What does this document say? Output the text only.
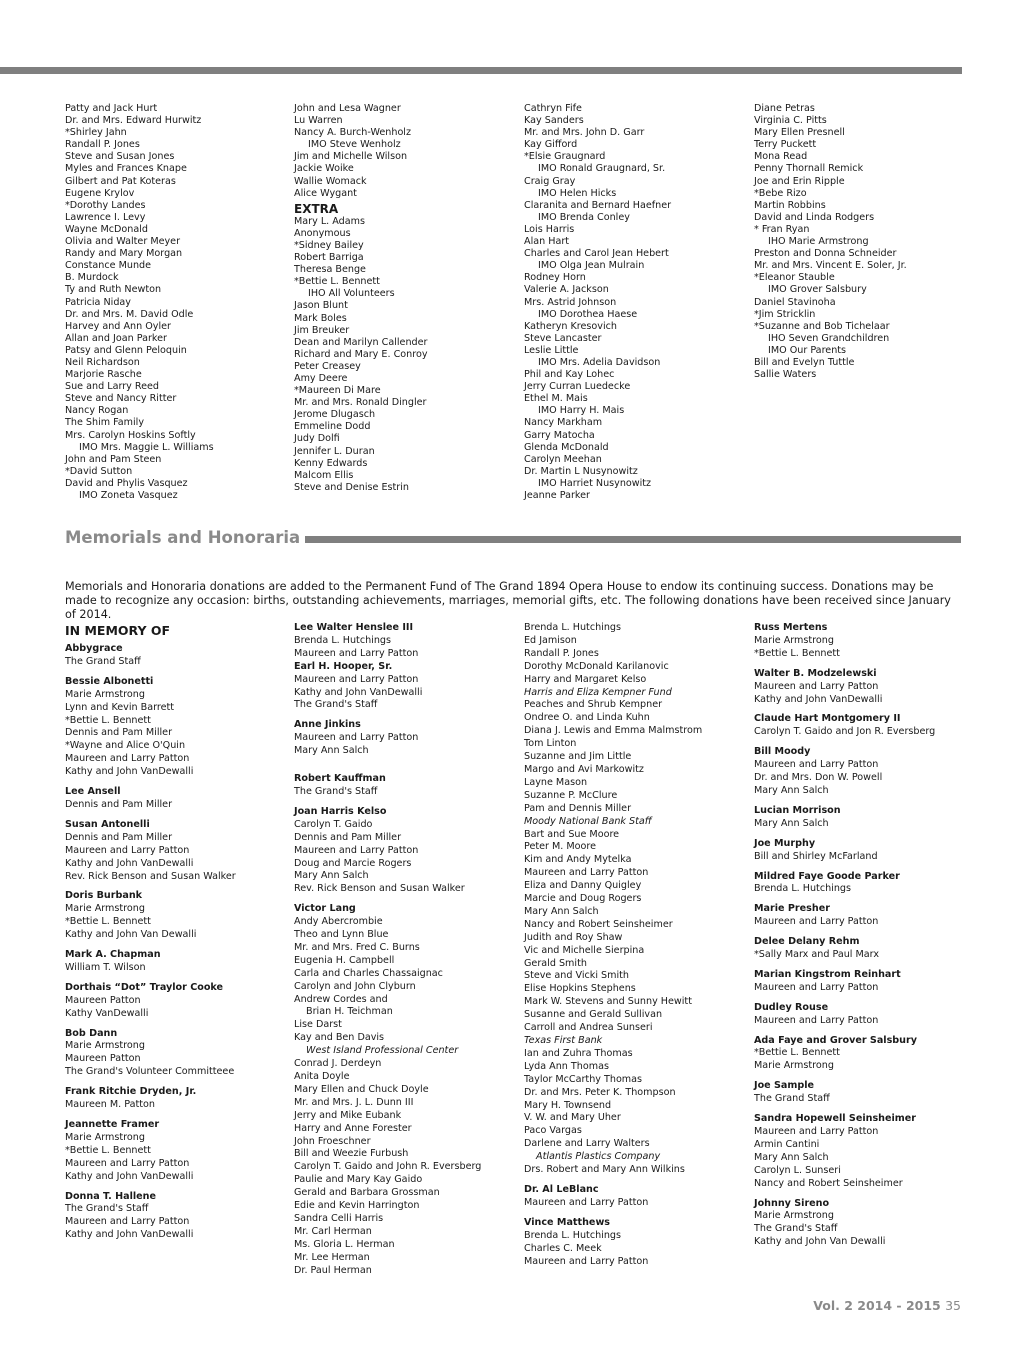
Patty and Jack Hurt
Dr. and Mrs. Edward Hurwitz
*Shirley Jahn
Randall P. Jones
Steve and Susan Jones
Myles and Frances Knape
Gilbert and Pat Koteras
Eugene Krylov
*Dorothy Landes
Lawrence I. Levy
Wayne McDonald
Olivia and Walter Meyer
Randy and Mary Morgan
Constance Munde
B. Murdock
Ty and Ruth Newton
Patricia Niday
Dr. and Mrs. M. David Odle
Harvey and Ann Oyler
Allan and Joan Parker
Patsy and Glenn Peloquin
Neil Richardson
Marjorie Rasche
Sue and Larry Reed
Steve and Nancy Ritter
Nancy Rogan
The Shim Family
Mrs. Carolyn Hoskins Softly
IMO Mrs. Maggie L. Williams
John and Pam Steen
*David Sutton
David and Phylis Vasquez
IMO Zoneta Vasquez
John and Lesa Wagner
Lu Warren
Nancy A. Burch-Wenholz
IMO Steve Wenholz
Jim and Michelle Wilson
Jackie Woike
Wallie Womack
Alice Wygant
EXTRA
Mary L. Adams
Anonymous
*Sidney Bailey
Robert Barriga
Theresa Benge
*Bettie L. Bennett
IHO All Volunteers
Jason Blunt
Mark Boles
Jim Breuker
Dean and Marilyn Callender
Richard and Mary E. Conroy
Peter Creasey
Amy Deere
*Maureen Di Mare
Mr. and Mrs. Ronald Dingler
Jerome Dlugasch
Emmeline Dodd
Judy Dolfi
Jennifer L. Duran
Kenny Edwards
Malcom Ellis
Steve and Denise Estrin
Cathryn Fife
Kay Sanders
Mr. and Mrs. John D. Garr
Kay Gifford
*Elsie Graugnard
IMO Ronald Graugnard, Sr.
Craig Gray
IMO Helen Hicks
Claranita and Bernard Haefner
IMO Brenda Conley
Lois Harris
Alan Hart
Charles and Carol Jean Hebert
IMO Olga Jean Mulrain
Rodney Horn
Valerie A. Jackson
Mrs. Astrid Johnson
IMO Dorothea Haese
Katheryn Kresovich
Steve Lancaster
Leslie Little
IMO Mrs. Adelia Davidson
Phil and Kay Lohec
Jerry Curran Luedecke
Ethel M. Mais
IMO Harry H. Mais
Nancy Markham
Garry Matocha
Glenda McDonald
Carolyn Meehan
Dr. Martin L Nusynowitz
IMO Harriet Nusynowitz
Jeanne Parker
Diane Petras
Virginia C. Pitts
Mary Ellen Presnell
Terry Puckett
Mona Read
Penny Thornall Remick
Joe and Erin Ripple
*Bebe Rizo
Martin Robbins
David and Linda Rodgers
* Fran Ryan
IHO Marie Armstrong
Preston and Donna Schneider
Mr. and Mrs. Vincent E. Soler, Jr.
*Eleanor Stauble
IMO Grover Salsbury
Daniel Stavinoha
*Jim Stricklin
*Suzanne and Bob Tichelaar
IHO Seven Grandchildren
IMO Our Parents
Bill and Evelyn Tuttle
Sallie Waters
Memorials and Honoraria
Memorials and Honoraria donations are added to the Permanent Fund of The Grand 1894 Opera House to endow its continuing success. Donations may be made to recognize any occasion: births, outstanding achievements, marriages, memorial gifts, etc. The following donations have been received since January of 2014.
IN MEMORY OF
Abbygrace
The Grand Staff
Bessie Albonetti
Marie Armstrong
Lynn and Kevin Barrett
*Bettie L. Bennett
Dennis and Pam Miller
*Wayne and Alice O'Quin
Maureen and Larry Patton
Kathy and John VanDewalli
Lee Ansell
Dennis and Pam Miller
Susan Antonelli
Dennis and Pam Miller
Maureen and Larry Patton
Kathy and John VanDewalli
Rev. Rick Benson and Susan Walker
Doris Burbank
Marie Armstrong
*Bettie L. Bennett
Kathy and John Van Dewalli
Mark A. Chapman
William T. Wilson
Dorthais “Dot” Traylor Cooke
Maureen Patton
Kathy VanDewalli
Bob Dann
Marie Armstrong
Maureen Patton
The Grand's Volunteer Committeee
Frank Ritchie Dryden, Jr.
Maureen M. Patton
Jeannette Framer
Marie Armstrong
*Bettie L. Bennett
Maureen and Larry Patton
Kathy and John VanDewalli
Donna T. Hallene
The Grand's Staff
Maureen and Larry Patton
Kathy and John VanDewalli
Lee Walter Henslee III
Brenda L. Hutchings
Maureen and Larry Patton
Earl H. Hooper, Sr.
Maureen and Larry Patton
Kathy and John VanDewalli
The Grand's Staff
Anne Jinkins
Maureen and Larry Patton
Mary Ann Salch
Robert Kauffman
The Grand's Staff
Joan Harris Kelso
Carolyn T. Gaido
Dennis and Pam Miller
Maureen and Larry Patton
Doug and Marcie Rogers
Mary Ann Salch
Rev. Rick Benson and Susan Walker
Victor Lang
Andy Abercrombie
Theo and Lynn Blue
Mr. and Mrs. Fred C. Burns
Eugenia H. Campbell
Carla and Charles Chassaignac
Carolyn and John Clyburn
Andrew Cordes and
Brian H. Teichman
Lise Darst
Kay and Ben Davis
West Island Professional Center
Conrad J. Derdeyn
Anita Doyle
Mary Ellen and Chuck Doyle
Mr. and Mrs. J. L. Dunn III
Jerry and Mike Eubank
Harry and Anne Forester
John Froeschner
Bill and Weezie Furbush
Carolyn T. Gaido and John R. Eversberg
Paulie and Mary Kay Gaido
Gerald and Barbara Grossman
Edie and Kevin Harrington
Sandra Celli Harris
Mr. Carl Herman
Ms. Gloria L. Herman
Mr. Lee Herman
Dr. Paul Herman
Brenda L. Hutchings
Ed Jamison
Randall P. Jones
Dorothy McDonald Karilanovic
Harry and Margaret Kelso
Harris and Eliza Kempner Fund
Peaches and Shrub Kempner
Ondree O. and Linda Kuhn
Diana J. Lewis and Emma Malmstrom
Tom Linton
Suzanne and Jim Little
Margo and Avi Markowitz
Layne Mason
Suzanne P. McClure
Pam and Dennis Miller
Moody National Bank Staff
Bart and Sue Moore
Peter M. Moore
Kim and Andy Mytelka
Maureen and Larry Patton
Eliza and Danny Quigley
Marcie and Doug Rogers
Mary Ann Salch
Nancy and Robert Seinsheimer
Judith and Roy Shaw
Vic and Michelle Sierpina
Gerald Smith
Steve and Vicki Smith
Elise Hopkins Stephens
Mark W. Stevens and Sunny Hewitt
Susanne and Gerald Sullivan
Carroll and Andrea Sunseri
Texas First Bank
Ian and Zuhra Thomas
Lyda Ann Thomas
Taylor McCarthy Thomas
Dr. and Mrs. Peter K. Thompson
Mary H. Townsend
V. W. and Mary Uher
Paco Vargas
Darlene and Larry Walters
Atlantis Plastics Company
Drs. Robert and Mary Ann Wilkins
Dr. Al LeBlanc
Maureen and Larry Patton
Vince Matthews
Brenda L. Hutchings
Charles C. Meek
Maureen and Larry Patton
Russ Mertens
Marie Armstrong
*Bettie L. Bennett
Walter B. Modzelewski
Maureen and Larry Patton
Kathy and John VanDewalli
Claude Hart Montgomery II
Carolyn T. Gaido and Jon R. Eversberg
Bill Moody
Maureen and Larry Patton
Dr. and Mrs. Don W. Powell
Mary Ann Salch
Lucian Morrison
Mary Ann Salch
Joe Murphy
Bill and Shirley McFarland
Mildred Faye Goode Parker
Brenda L. Hutchings
Marie Presher
Maureen and Larry Patton
Delee Delany Rehm
*Sally Marx and Paul Marx
Marian Kingstrom Reinhart
Maureen and Larry Patton
Dudley Rouse
Maureen and Larry Patton
Ada Faye and Grover Salsbury
*Bettie L. Bennett
Marie Armstrong
Joe Sample
The Grand Staff
Sandra Hopewell Seinsheimer
Maureen and Larry Patton
Armin Cantini
Mary Ann Salch
Carolyn L. Sunseri
Nancy and Robert Seinsheimer
Johnny Sireno
Marie Armstrong
The Grand's Staff
Kathy and John Van Dewalli
Vol. 2 2014 - 2015 35
